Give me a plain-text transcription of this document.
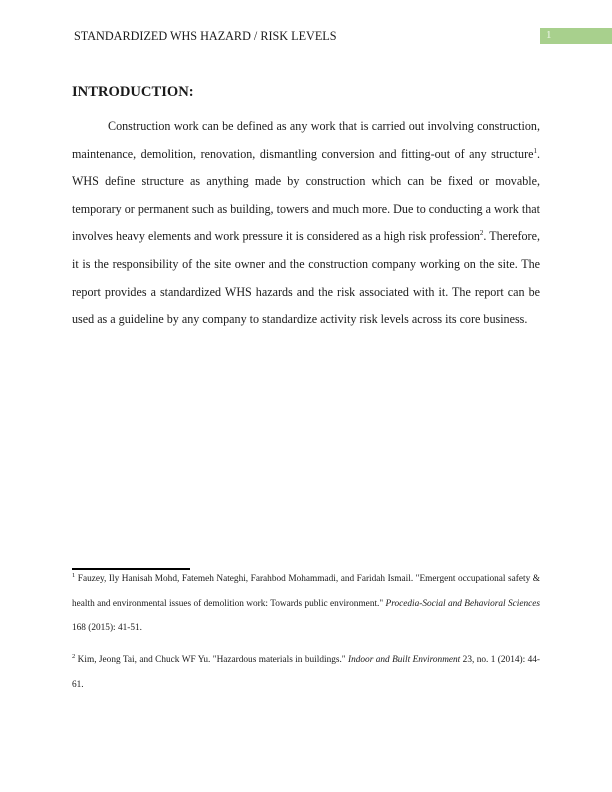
STANDARDIZED WHS HAZARD / RISK LEVELS	1
INTRODUCTION:

Construction work can be defined as any work that is carried out involving construction, maintenance, demolition, renovation, dismantling conversion and fitting-out of any structure$^1$. WHS define structure as anything made by construction which can be fixed or movable, temporary or permanent such as building, towers and much more. Due to conducting a work that involves heavy elements and work pressure it is considered as a high risk profession$^2$. Therefore, it is the responsibility of the site owner and the construction company working on the site. The report provides a standardized WHS hazards and the risk associated with it. The report can be used as a guideline by any company to standardize activity risk levels across its core business.

$^1$ Fauzey, Ily Hanisah Mohd, Fatemeh Nateghi, Farahbod Mohammadi, and Faridah Ismail. "Emergent occupational safety & health and environmental issues of demolition work: Towards public environment." Procedia-Social and Behavioral Sciences 168 (2015): 41-51.

$^2$ Kim, Jeong Tai, and Chuck WF Yu. "Hazardous materials in buildings." Indoor and Built Environment 23, no. 1 (2014): 44-61.
